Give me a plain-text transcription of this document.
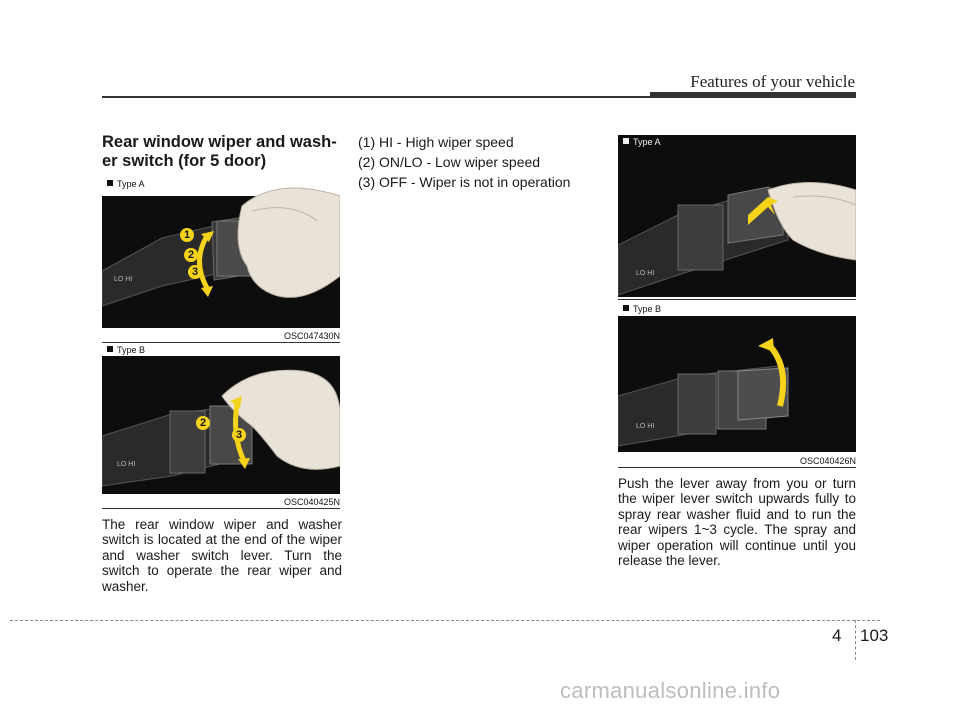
Features of your vehicle
Rear window wiper and wash-
er switch (for 5 door)
Type A
LO HI
1
2
3
OSC047430N
Type B
LO HI
2
3
OSC040425N
The rear window wiper and washer switch is located at the end of the wiper and washer switch lever. Turn the switch to operate the rear wiper and washer.
(1) HI - High wiper speed
(2) ON/LO - Low wiper speed
(3) OFF - Wiper is not in operation
LO HI
Type A
OSC047431N
Type B
LO HI
OSC040426N
Push the lever away from you or turn the wiper lever switch upwards fully to spray rear washer fluid and to run the rear wipers 1~3 cycle. The spray and wiper operation will continue until you release the lever.
4 103
carmanualsonline.info
